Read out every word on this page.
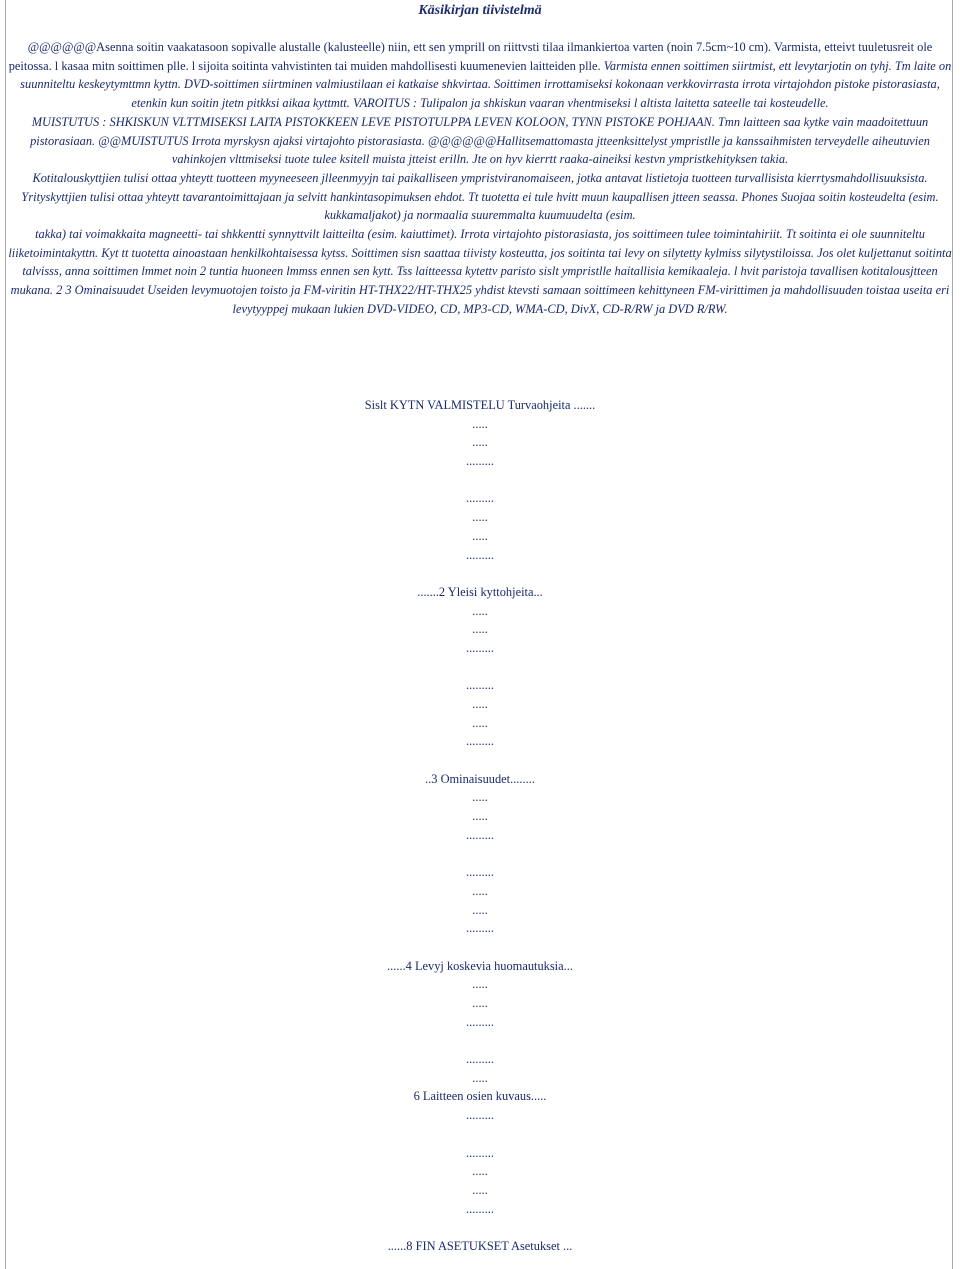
Käsikirjan tiivistelmä

@@@@@@Asenna soitin vaakatasoon sopivalle alustalle (kalusteelle) niin, ett sen ymprill on riittvsti tilaa ilmankiertoa varten (noin 7.5cm~10 cm). Varmista, etteivt tuuletusreit ole peitossa. l kasaa mitn soittimen plle. l sijoita soitinta vahvistinten tai muiden mahdollisesti kuumenevien laitteiden plle. Varmista ennen soittimen siirtmist, ett levytarjotin on tyhj. Tm laite on suunniteltu keskeytymttmn kyttn. DVD-soittimen siirtminen valmiustilaan ei katkaise shkvirtaa. Soittimen irrottamiseksi kokonaan verkkovirrasta irrota virtajohdon pistoke pistorasiasta, etenkin kun soitin jtetn pitkksi aikaa kyttmtt. VAROITUS : Tulipalon ja shkiskun vaaran vhentmiseksi l altista laitetta sateelle tai kosteudelle.

MUISTUTUS : SHKISKUN VLTTMISEKSI LAITA PISTOKKEEN LEVE PISTOTULPPA LEVEN KOLOON, TYNN PISTOKE POHJAAN. Tmn laitteen saa kytke vain maadoitettuun pistorasiaan. @@MUISTUTUS Irrota myrskysn ajaksi virtajohto pistorasiasta. @@@@@@Hallitsemattomasta jtteenksittelyst ympristlle ja kanssaihmisten terveydelle aiheutuvien vahinkojen vlttmiseksi tuote tulee ksitell muista jtteist erilln. Jte on hyv kierrtt raaka-aineiksi kestvn ympristkehityksen takia.

Kotitalouskyttjien tulisi ottaa yhteytt tuotteen myyneeseen jlleenmyyjn tai paikalliseen ympristviranomaiseen, jotka antavat listietoja tuotteen turvallisista kierrtysmahdollisuuksista. Yrityskyttjien tulisi ottaa yhteytt tavarantoimittajaan ja selvitt hankintasopimuksen ehdot. Tt tuotetta ei tule hvitt muun kaupallisen jtteen seassa. Phones Suojaa soitin kosteudelta (esim. kukkamaljakot) ja normaalia suuremmalta kuumuudelta (esim.

takka) tai voimakkaita magneetti- tai shkkentti synnyttvilt laitteilta (esim. kaiuttimet). Irrota virtajohto pistorasiasta, jos soittimeen tulee toimintahiriit. Tt soitinta ei ole suunniteltu liiketoimintakyttn. Kyt tt tuotetta ainoastaan henkilkohtaisessa kytss. Soittimen sisn saattaa tiivisty kosteutta, jos soitinta tai levy on silytetty kylmiss silytystiloissa. Jos olet kuljettanut soitinta talvisss, anna soittimen lmmet noin 2 tuntia huoneen lmmss ennen sen kytt. Tss laitteessa kytettv paristo sislt ympristlle haitallisia kemikaaleja. l hvit paristoja tavallisen kotitalousjtteen mukana. 2 3 Ominaisuudet Useiden levymuotojen toisto ja FM-viritin HT-THX22/HT-THX25 yhdist ktevsti samaan soittimeen kehittyneen FM-virittimen ja mahdollisuuden toistaa useita eri levytyyppej mukaan lukien DVD-VIDEO, CD, MP3-CD, WMA-CD, DivX, CD-R/RW ja DVD R/RW.

Sislt KYTN VALMISTELU Turvaohjeita .......
.....
.....
.........
.........
.....
.....
.........
.......2 Yleisi kyttohjeita...
.....
.....
.........
.........
.....
.....
.........
..3 Ominaisuudet........
.....
.....
.........
.........
.....
.....
.........
......4 Levyj koskevia huomautuksia...
.....
.....
.........
.........
.....
6 Laitteen osien kuvaus.....
.........
.........
.....
.....
.........
......8 FIN ASETUKSET Asetukset ...
